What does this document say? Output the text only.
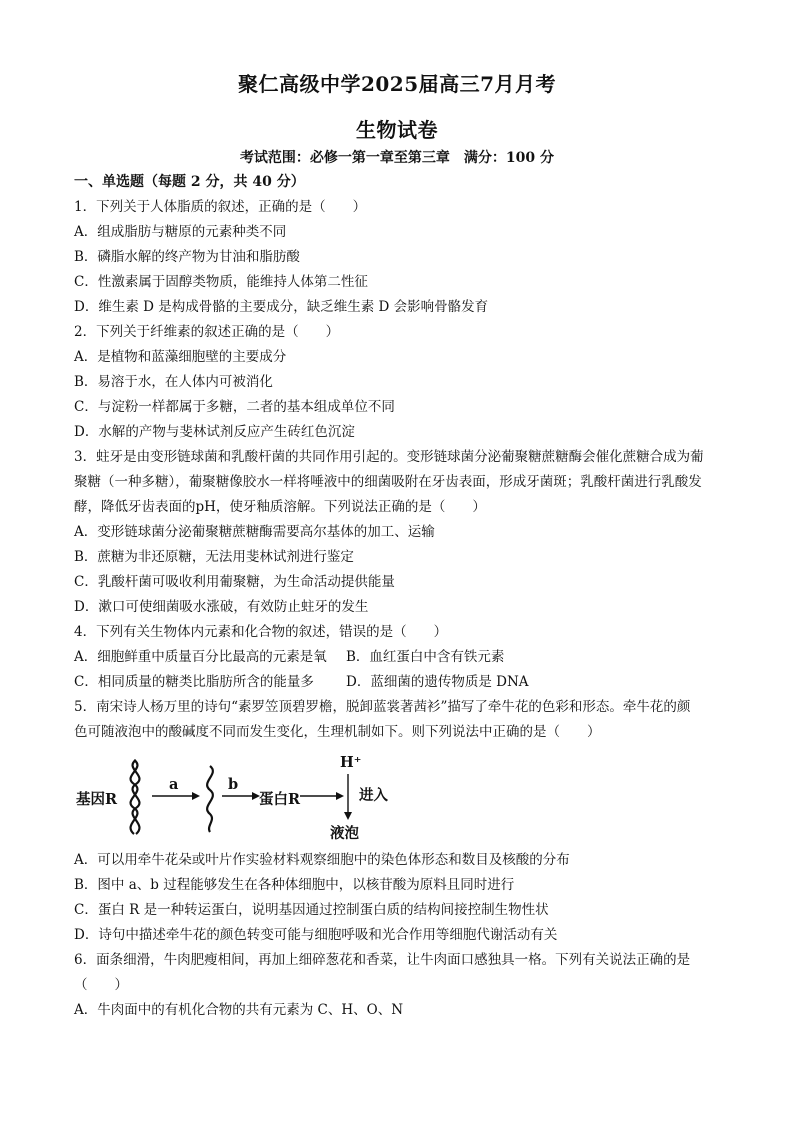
聚仁高级中学2025届高三7月月考
生物试卷
考试范围：必修一第一章至第三章　满分：100 分
一、单选题（每题 2 分，共 40 分）
1．下列关于人体脂质的叙述，正确的是（　　）
A．组成脂肪与糖原的元素种类不同
B．磷脂水解的终产物为甘油和脂肪酸
C．性激素属于固醇类物质，能维持人体第二性征
D．维生素 D 是构成骨骼的主要成分，缺乏维生素 D 会影响骨骼发育
2．下列关于纤维素的叙述正确的是（　　）
A．是植物和蓝藻细胞壁的主要成分
B．易溶于水，在人体内可被消化
C．与淀粉一样都属于多糖，二者的基本组成单位不同
D．水解的产物与斐林试剂反应产生砖红色沉淀
3．蛀牙是由变形链球菌和乳酸杆菌的共同作用引起的。变形链球菌分泌葡聚糖蔗糖酶会催化蔗糖合成为葡
聚糖（一种多糖），葡聚糖像胶水一样将唾液中的细菌吸附在牙齿表面，形成牙菌斑；乳酸杆菌进行乳酸发
酵，降低牙齿表面的pH，使牙釉质溶解。下列说法正确的是（　　）
A．变形链球菌分泌葡聚糖蔗糖酶需要高尔基体的加工、运输
B．蔗糖为非还原糖，无法用斐林试剂进行鉴定
C．乳酸杆菌可吸收利用葡聚糖，为生命活动提供能量
D．漱口可使细菌吸水涨破，有效防止蛀牙的发生
4．下列有关生物体内元素和化合物的叙述，错误的是（　　）
A．细胞鲜重中质量百分比最高的元素是氧 B．血红蛋白中含有铁元素
C．相同质量的糖类比脂肪所含的能量多 D．蓝细菌的遗传物质是 DNA
5．南宋诗人杨万里的诗句“素罗笠顶碧罗檐，脱卸蓝裳著茜衫”描写了牵牛花的色彩和形态。牵牛花的颜
色可随液泡中的酸碱度不同而发生变化，生理机制如下。则下列说法中正确的是（　　）
基因R
a	b
蛋白R
H⁺
进入
液泡
A．可以用牵牛花朵或叶片作实验材料观察细胞中的染色体形态和数目及核酸的分布
B．图中 a、b 过程能够发生在各种体细胞中，以核苷酸为原料且同时进行
C．蛋白 R 是一种转运蛋白，说明基因通过控制蛋白质的结构间接控制生物性状
D．诗句中描述牵牛花的颜色转变可能与细胞呼吸和光合作用等细胞代谢活动有关
6．面条细滑，牛肉肥瘦相间，再加上细碎葱花和香菜，让牛肉面口感独具一格。下列有关说法正确的是
（　　）
A．牛肉面中的有机化合物的共有元素为 C、H、O、N
